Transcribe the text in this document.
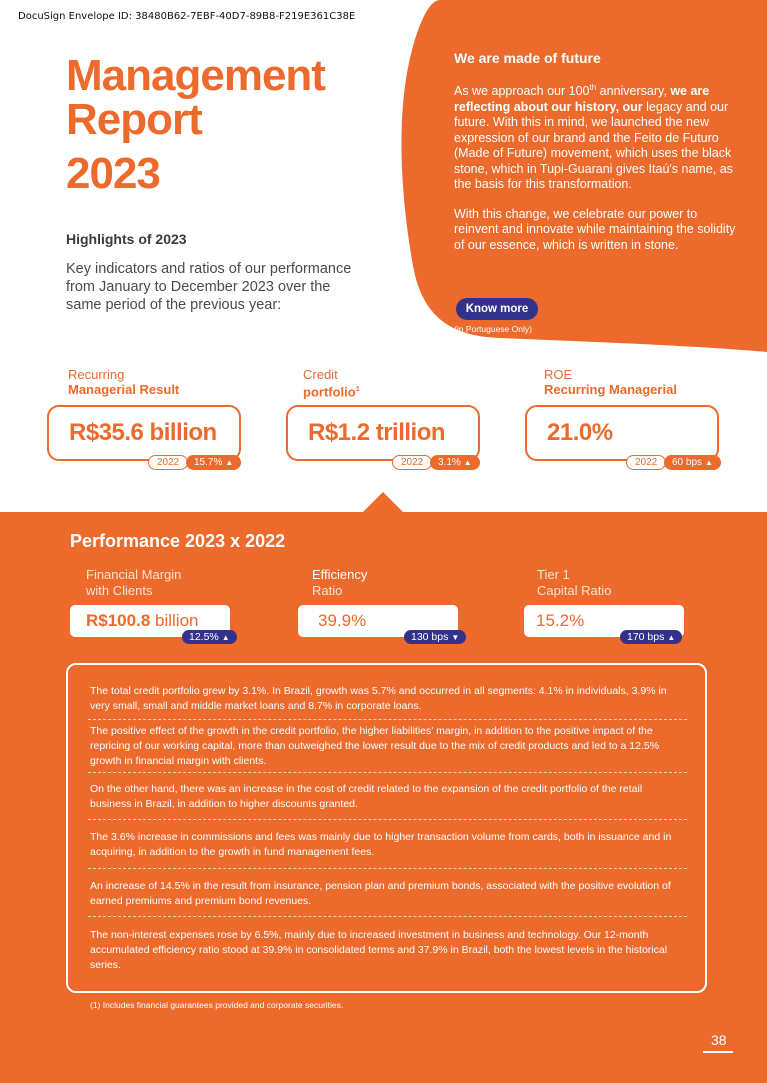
DocuSign Envelope ID: 38480B62-7EBF-40D7-89B8-F219E361C38E
Management
Report
2023
Highlights of 2023
Key indicators and ratios of our performance from January to December 2023 over the same period of the previous year:
We are made of future

As we approach our 100th anniversary, we are reflecting about our history, our legacy and our future. With this in mind, we launched the new expression of our brand and the Feito de Futuro (Made of Future) movement, which uses the black stone, which in Tupi-Guarani gives Itaú's name, as the basis for this transformation.

With this change, we celebrate our power to reinvent and innovate while maintaining the solidity of our essence, which is written in stone.

Know more
(in Portuguese Only)
Recurring
Managerial Result
R$35.6 billion
2022	15.7% ▲
Credit
portfolio$^1$
R$1.2 trillion
2022	3.1% ▲
ROE
Recurring Managerial
21.0%
2022	60 bps ▲
Performance 2023 x 2022
Financial Margin
with Clients
R$100.8 billion
12.5% ▲
Efficiency
Ratio
39.9%
130 bps ▼
Tier 1
Capital Ratio
15.2%
170 bps ▲
The total credit portfolio grew by 3.1%. In Brazil, growth was 5.7% and occurred in all segments: 4.1% in individuals, 3.9% in very small, small and middle market loans and 8.7% in corporate loans.
The positive effect of the growth in the credit portfolio, the higher liabilities' margin, in addition to the positive impact of the repricing of our working capital, more than outweighed the lower result due to the mix of credit products and led to a 12.5% growth in financial margin with clients.
On the other hand, there was an increase in the cost of credit related to the expansion of the credit portfolio of the retail business in Brazil, in addition to higher discounts granted.
The 3.6% increase in commissions and fees was mainly due to higher transaction volume from cards, both in issuance and in acquiring, in addition to the growth in fund management fees.
An increase of 14.5% in the result from insurance, pension plan and premium bonds, associated with the positive evolution of earned premiums and premium bond revenues.
The non-interest expenses rose by 6.5%, mainly due to increased investment in business and technology. Our 12-month accumulated efficiency ratio stood at 39.9% in consolidated terms and 37.9% in Brazil, both the lowest levels in the historical series.
(1) Includes financial guarantees provided and corporate securities.
38
